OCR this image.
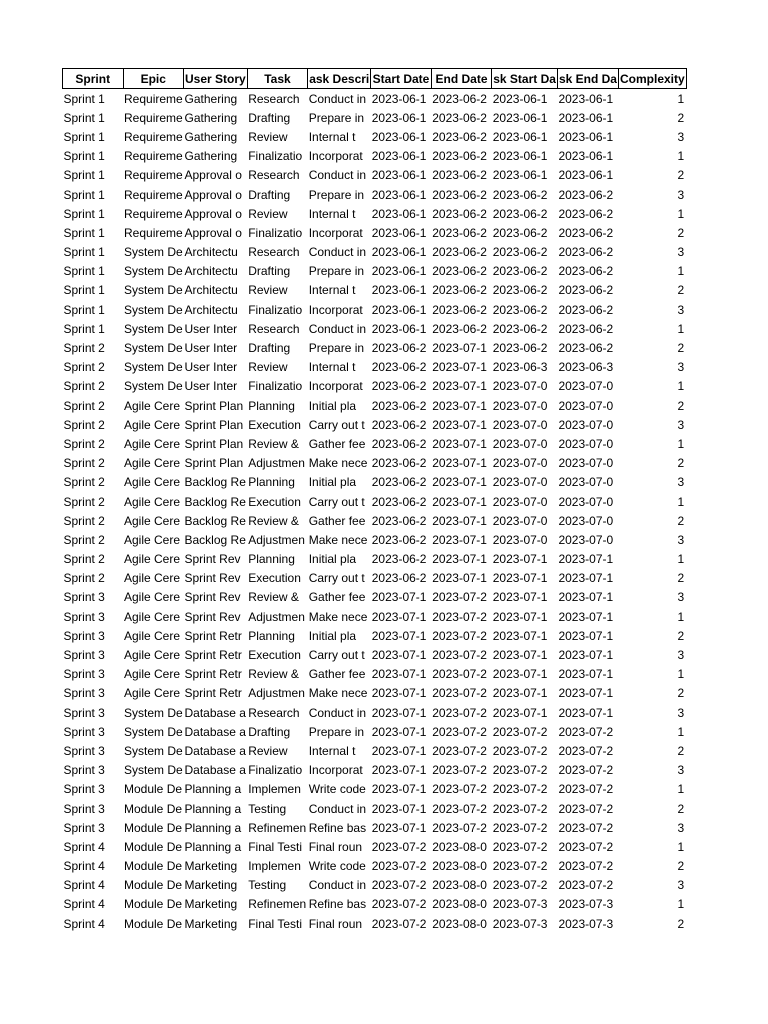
Sprint	Epic	User Story	Task	ask Descri	Start Date	End Date	sk Start Da	sk End Da	Complexity
Sprint 1	Requireme	Gathering	Research	Conduct in	2023-06-1	2023-06-2	2023-06-1	2023-06-1	1
Sprint 1	Requireme	Gathering	Drafting	Prepare in	2023-06-1	2023-06-2	2023-06-1	2023-06-1	2
Sprint 1	Requireme	Gathering	Review	Internal t	2023-06-1	2023-06-2	2023-06-1	2023-06-1	3
Sprint 1	Requireme	Gathering	Finalizatio	Incorporat	2023-06-1	2023-06-2	2023-06-1	2023-06-1	1
Sprint 1	Requireme	Approval o	Research	Conduct in	2023-06-1	2023-06-2	2023-06-1	2023-06-1	2
Sprint 1	Requireme	Approval o	Drafting	Prepare in	2023-06-1	2023-06-2	2023-06-2	2023-06-2	3
Sprint 1	Requireme	Approval o	Review	Internal t	2023-06-1	2023-06-2	2023-06-2	2023-06-2	1
Sprint 1	Requireme	Approval o	Finalizatio	Incorporat	2023-06-1	2023-06-2	2023-06-2	2023-06-2	2
Sprint 1	System De	Architectu	Research	Conduct in	2023-06-1	2023-06-2	2023-06-2	2023-06-2	3
Sprint 1	System De	Architectu	Drafting	Prepare in	2023-06-1	2023-06-2	2023-06-2	2023-06-2	1
Sprint 1	System De	Architectu	Review	Internal t	2023-06-1	2023-06-2	2023-06-2	2023-06-2	2
Sprint 1	System De	Architectu	Finalizatio	Incorporat	2023-06-1	2023-06-2	2023-06-2	2023-06-2	3
Sprint 1	System De	User Inter	Research	Conduct in	2023-06-1	2023-06-2	2023-06-2	2023-06-2	1
Sprint 2	System De	User Inter	Drafting	Prepare in	2023-06-2	2023-07-1	2023-06-2	2023-06-2	2
Sprint 2	System De	User Inter	Review	Internal t	2023-06-2	2023-07-1	2023-06-3	2023-06-3	3
Sprint 2	System De	User Inter	Finalizatio	Incorporat	2023-06-2	2023-07-1	2023-07-0	2023-07-0	1
Sprint 2	Agile Cere	Sprint Plan	Planning	Initial pla	2023-06-2	2023-07-1	2023-07-0	2023-07-0	2
Sprint 2	Agile Cere	Sprint Plan	Execution	Carry out t	2023-06-2	2023-07-1	2023-07-0	2023-07-0	3
Sprint 2	Agile Cere	Sprint Plan	Review &	Gather fee	2023-06-2	2023-07-1	2023-07-0	2023-07-0	1
Sprint 2	Agile Cere	Sprint Plan	Adjustmen	Make nece	2023-06-2	2023-07-1	2023-07-0	2023-07-0	2
Sprint 2	Agile Cere	Backlog Re	Planning	Initial pla	2023-06-2	2023-07-1	2023-07-0	2023-07-0	3
Sprint 2	Agile Cere	Backlog Re	Execution	Carry out t	2023-06-2	2023-07-1	2023-07-0	2023-07-0	1
Sprint 2	Agile Cere	Backlog Re	Review &	Gather fee	2023-06-2	2023-07-1	2023-07-0	2023-07-0	2
Sprint 2	Agile Cere	Backlog Re	Adjustmen	Make nece	2023-06-2	2023-07-1	2023-07-0	2023-07-0	3
Sprint 2	Agile Cere	Sprint Rev	Planning	Initial pla	2023-06-2	2023-07-1	2023-07-1	2023-07-1	1
Sprint 2	Agile Cere	Sprint Rev	Execution	Carry out t	2023-06-2	2023-07-1	2023-07-1	2023-07-1	2
Sprint 3	Agile Cere	Sprint Rev	Review &	Gather fee	2023-07-1	2023-07-2	2023-07-1	2023-07-1	3
Sprint 3	Agile Cere	Sprint Rev	Adjustmen	Make nece	2023-07-1	2023-07-2	2023-07-1	2023-07-1	1
Sprint 3	Agile Cere	Sprint Retr	Planning	Initial pla	2023-07-1	2023-07-2	2023-07-1	2023-07-1	2
Sprint 3	Agile Cere	Sprint Retr	Execution	Carry out t	2023-07-1	2023-07-2	2023-07-1	2023-07-1	3
Sprint 3	Agile Cere	Sprint Retr	Review &	Gather fee	2023-07-1	2023-07-2	2023-07-1	2023-07-1	1
Sprint 3	Agile Cere	Sprint Retr	Adjustmen	Make nece	2023-07-1	2023-07-2	2023-07-1	2023-07-1	2
Sprint 3	System De	Database a	Research	Conduct in	2023-07-1	2023-07-2	2023-07-1	2023-07-1	3
Sprint 3	System De	Database a	Drafting	Prepare in	2023-07-1	2023-07-2	2023-07-2	2023-07-2	1
Sprint 3	System De	Database a	Review	Internal t	2023-07-1	2023-07-2	2023-07-2	2023-07-2	2
Sprint 3	System De	Database a	Finalizatio	Incorporat	2023-07-1	2023-07-2	2023-07-2	2023-07-2	3
Sprint 3	Module De	Planning a	Implemen	Write code	2023-07-1	2023-07-2	2023-07-2	2023-07-2	1
Sprint 3	Module De	Planning a	Testing	Conduct in	2023-07-1	2023-07-2	2023-07-2	2023-07-2	2
Sprint 3	Module De	Planning a	Refinemen	Refine bas	2023-07-1	2023-07-2	2023-07-2	2023-07-2	3
Sprint 4	Module De	Planning a	Final Testi	Final roun	2023-07-2	2023-08-0	2023-07-2	2023-07-2	1
Sprint 4	Module De	Marketing	Implemen	Write code	2023-07-2	2023-08-0	2023-07-2	2023-07-2	2
Sprint 4	Module De	Marketing	Testing	Conduct in	2023-07-2	2023-08-0	2023-07-2	2023-07-2	3
Sprint 4	Module De	Marketing	Refinemen	Refine bas	2023-07-2	2023-08-0	2023-07-3	2023-07-3	1
Sprint 4	Module De	Marketing	Final Testi	Final roun	2023-07-2	2023-08-0	2023-07-3	2023-07-3	2
